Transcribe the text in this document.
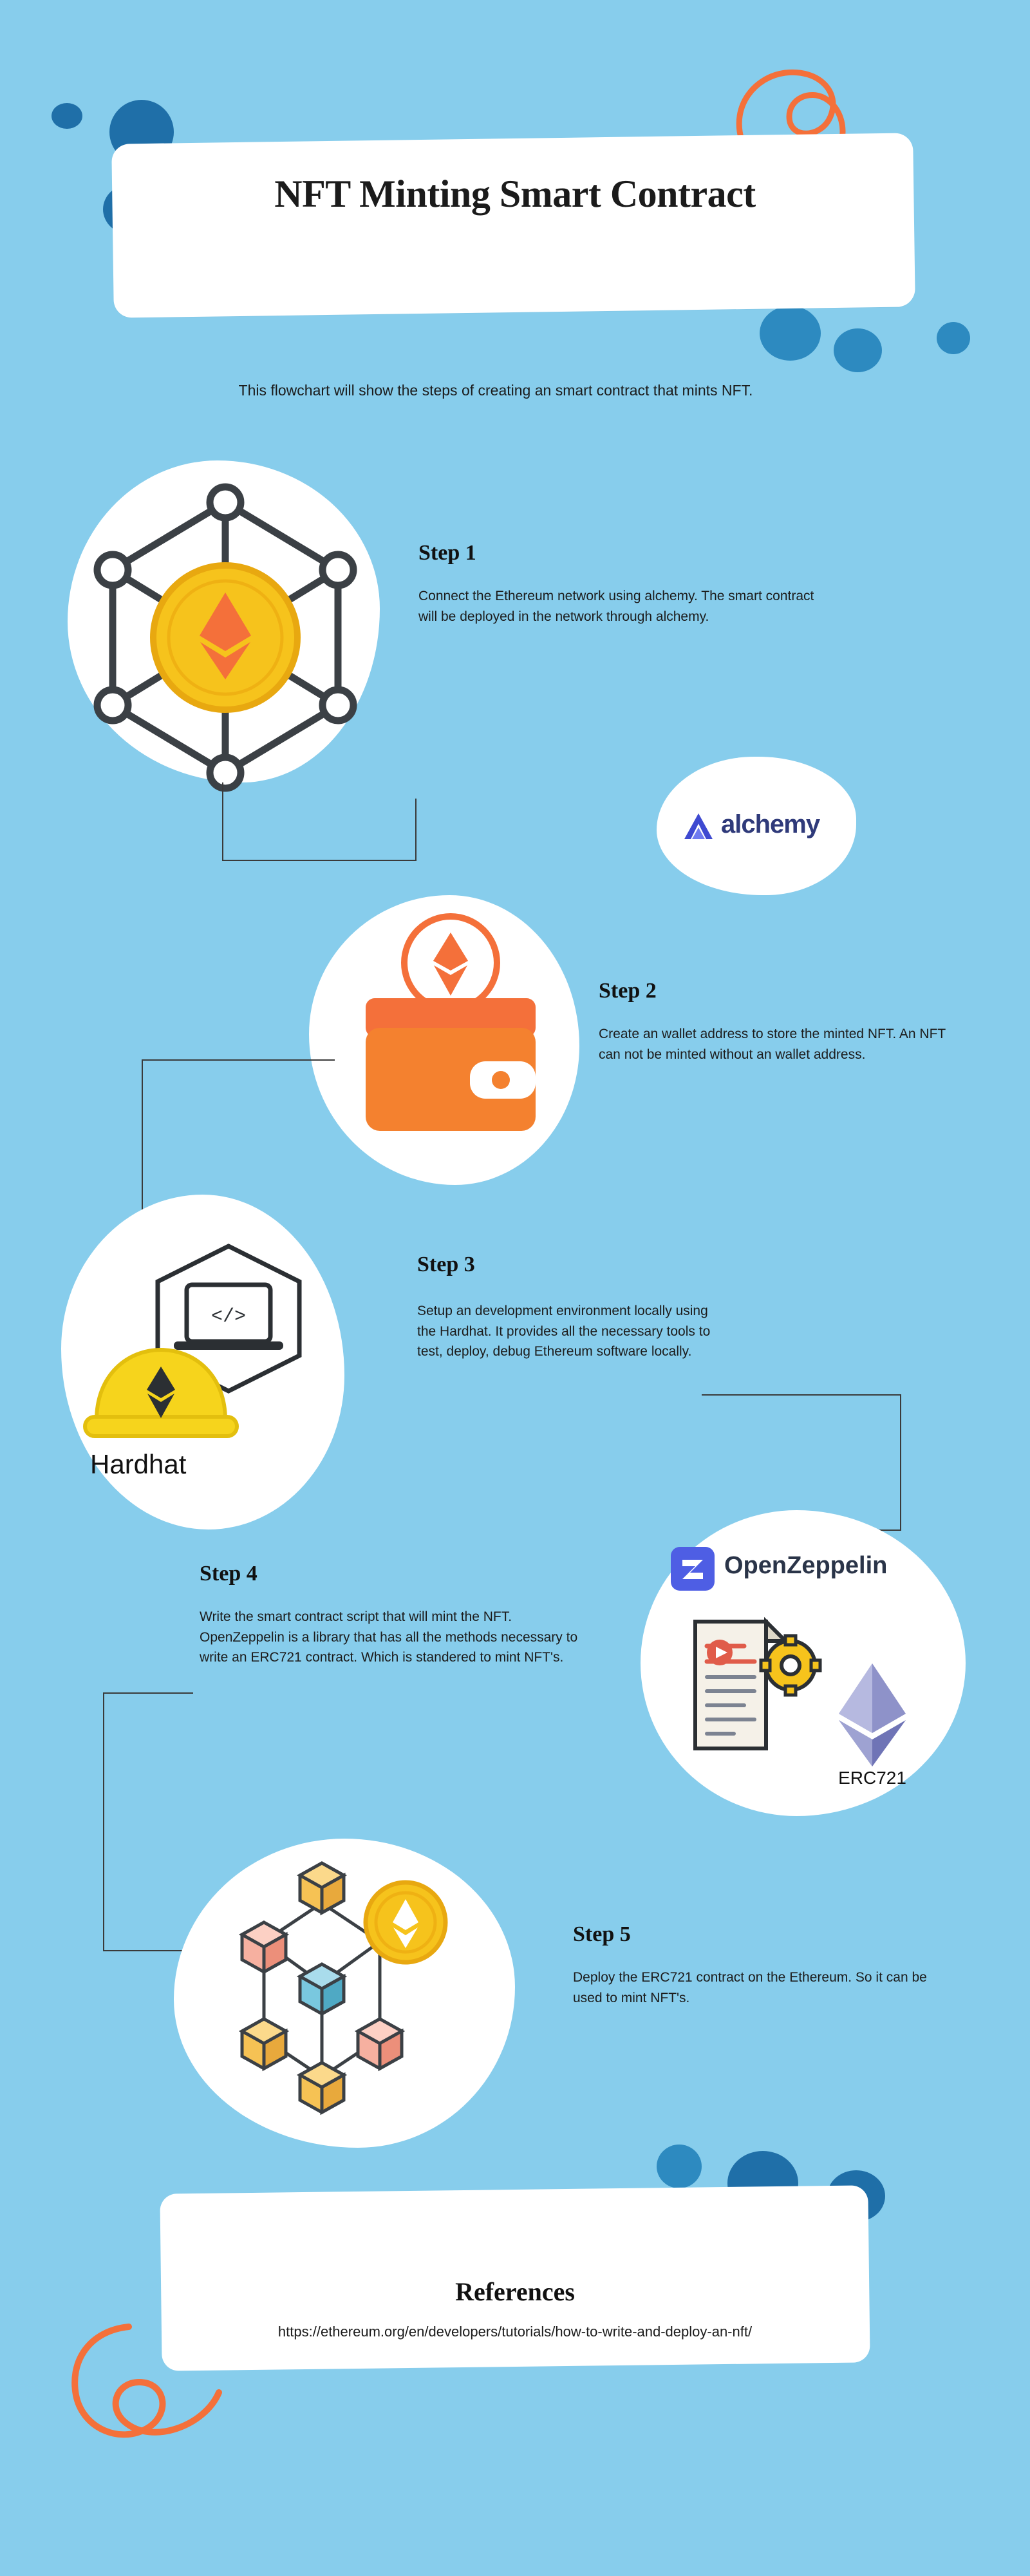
NFT Minting Smart Contract
This flowchart will show the steps of creating an smart contract that mints NFT.
Step 1
Connect the Ethereum network using alchemy. The smart contract will be deployed in the network through alchemy.
alchemy
Step 2
Create an wallet address to store the minted NFT. An NFT can not be minted without an wallet address.
</>
Hardhat
Step 3
Setup an development environment locally using the Hardhat. It provides all the necessary tools to test, deploy, debug Ethereum software locally.
OpenZeppelin
ERC721
Step 4
Write the smart contract script that will mint the NFT. OpenZeppelin is a library that has all the methods necessary to write an ERC721 contract. Which is standered to mint NFT's.
Step 5
Deploy the ERC721 contract on the Ethereum. So it can be used to mint NFT's.
References
https://ethereum.org/en/developers/tutorials/how-to-write-and-deploy-an-nft/
